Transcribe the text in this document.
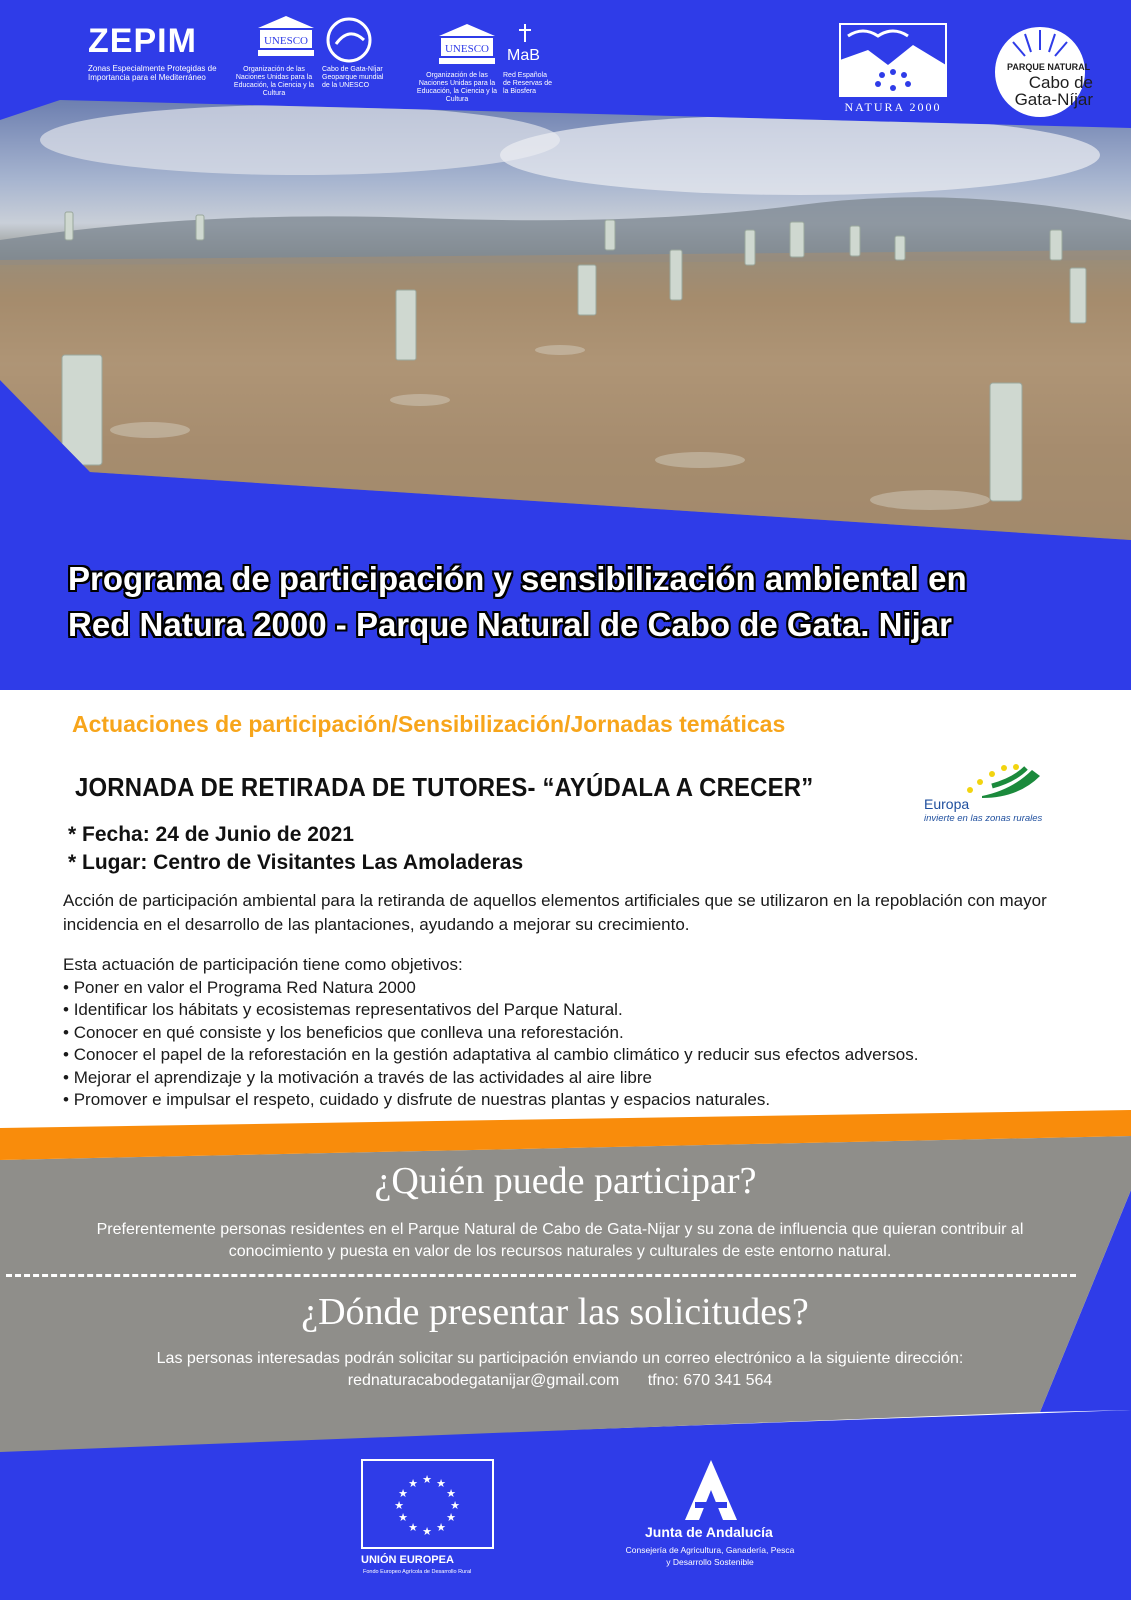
ZEPIM
Zonas Especialmente Protegidas de Importancia para el Mediterráneo
UNESCO
Organización de las Naciones Unidas para la Educación, la Ciencia y la Cultura
Cabo de Gata-Níjar Geoparque mundial de la UNESCO
UNESCO MaB
Organización de las Naciones Unidas para la Educación, la Ciencia y la Cultura
Red Española de Reservas de la Biosfera
NATURA 2000
PARQUE NATURAL
Cabo de Gata-Níjar
Programa de participación y sensibilización ambiental en
Red Natura 2000 - Parque Natural de Cabo de Gata. Nijar
Actuaciones de participación/Sensibilización/Jornadas temáticas
JORNADA DE RETIRADA DE TUTORES- “AYÚDALA A CRECER”
Europa
invierte en las zonas rurales
* Fecha: 24 de Junio de 2021
* Lugar: Centro de Visitantes Las Amoladeras
Acción de participación ambiental para la retiranda de aquellos elementos artificiales que se utilizaron en la repoblación con mayor incidencia en el desarrollo de las plantaciones, ayudando a mejorar su crecimiento.
Esta actuación de participación tiene como objetivos:
• Poner en valor el Programa Red Natura 2000
• Identificar los hábitats y ecosistemas representativos del Parque Natural.
• Conocer en qué consiste y los beneficios que conlleva una reforestación.
• Conocer el papel de la reforestación en la gestión adaptativa al cambio climático y reducir sus efectos adversos.
• Mejorar el aprendizaje y la motivación a través de las actividades al aire libre
• Promover e impulsar el respeto, cuidado y disfrute de nuestras plantas y espacios naturales.
¿Quién puede participar?
Preferentemente personas residentes en el Parque Natural de Cabo de Gata-Nijar y su zona de influencia que quieran contribuir al conocimiento y puesta en valor de los recursos naturales y culturales de este entorno natural.
¿Dónde presentar las solicitudes?
Las personas interesadas podrán solicitar su participación enviando un correo electrónico a la siguiente dirección:
rednaturacabodegatanijar@gmail.com tfno: 670 341 564
★ ★
★
★
★
★
★
★
★
★
★
★
UNIÓN EUROPEA
Fondo Europeo Agrícola de Desarrollo Rural
Junta de Andalucía
Consejería de Agricultura, Ganadería, Pesca y Desarrollo Sostenible
